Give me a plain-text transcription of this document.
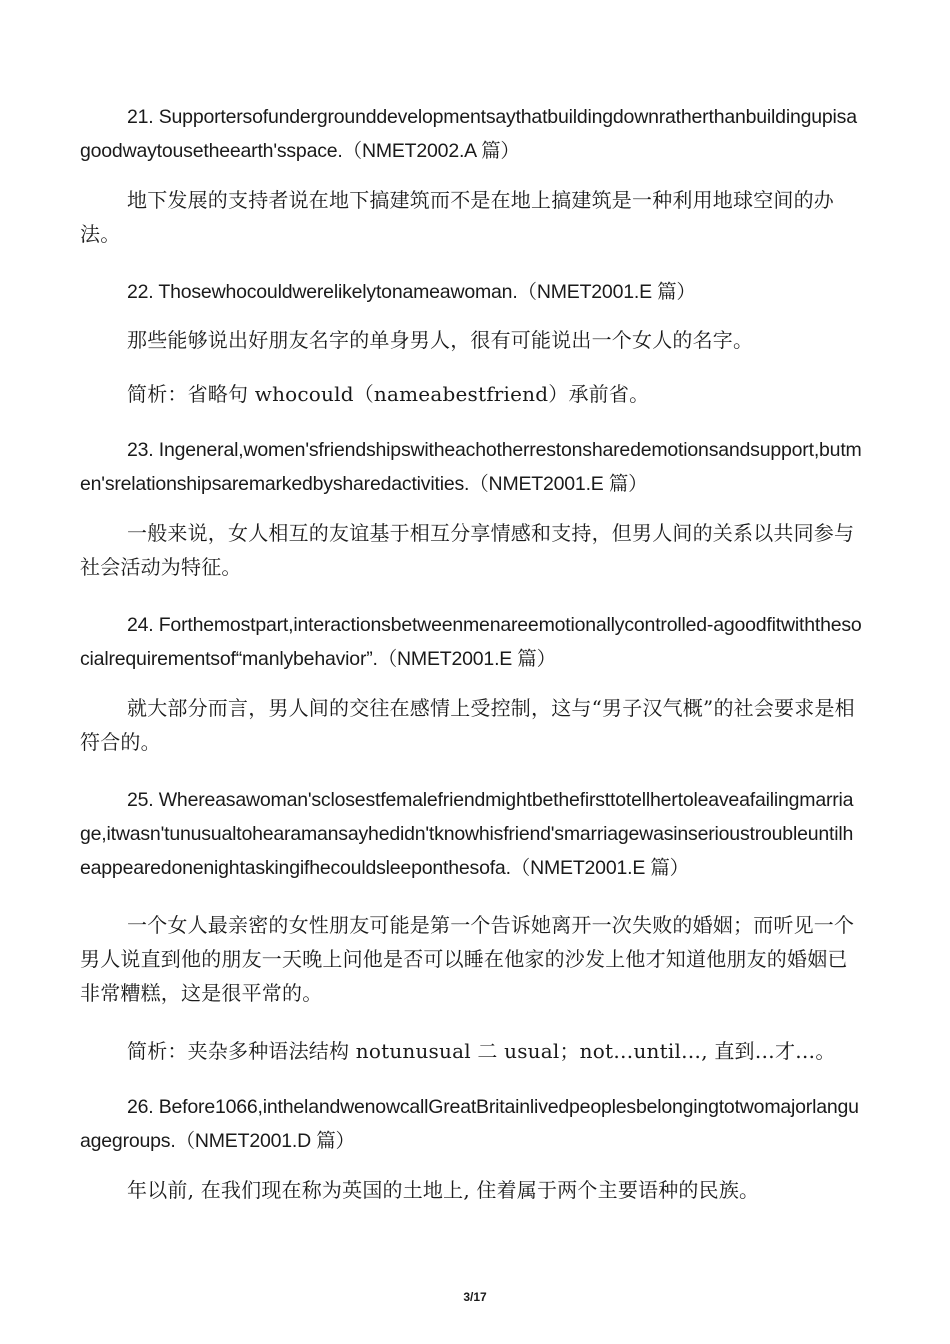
21. Supportersofundergrounddevelopmentsaythatbuildingdownratherthanbuildingupisagoodwaytousetheearth'sspace.（NMET2002.A 篇）

地下发展的支持者说在地下搞建筑而不是在地上搞建筑是一种利用地球空间的办法。

22. Thosewhocouldwerelikelytonameawoman.（NMET2001.E 篇）

那些能够说出好朋友名字的单身男人，很有可能说出一个女人的名字。

简析：省略句 whocould（nameabestfriend）承前省。

23. Ingeneral,women'sfriendshipswitheachotherrestonsharedemotionsandsupport,butmen'srelationshipsaremarkedbysharedactivities.（NMET2001.E 篇）

一般来说，女人相互的友谊基于相互分享情感和支持，但男人间的关系以共同参与社会活动为特征。

24. Forthemostpart,interactionsbetweenmenareemotionallycontrolled-agoodfitwiththesocialrequirementsof“manlybehavior”.（NMET2001.E 篇）

就大部分而言，男人间的交往在感情上受控制，这与“男子汉气概”的社会要求是相符合的。

25. Whereasawoman'sclosestfemalefriendmightbethefirsttotellhertoleaveafailingmarriage,itwasn'tunusualtohearamansayhedidn'tknowhisfriend'smarriagewasinserioustroubleuntilheappearedonenightaskingifhecouldsleeponthesofa.（NMET2001.E 篇）

一个女人最亲密的女性朋友可能是第一个告诉她离开一次失败的婚姻；而听见一个男人说直到他的朋友一天晚上问他是否可以睡在他家的沙发上他才知道他朋友的婚姻已非常糟糕，这是很平常的。

简析：夹杂多种语法结构 notunusual 二 usual；not…until…, 直到…才…。

26. Before1066,inthelandwenowcallGreatBritainlivedpeoplesbelongingtotwomajorlanguagegroups.（NMET2001.D 篇）

年以前, 在我们现在称为英国的土地上, 住着属于两个主要语种的民族。

3/17
